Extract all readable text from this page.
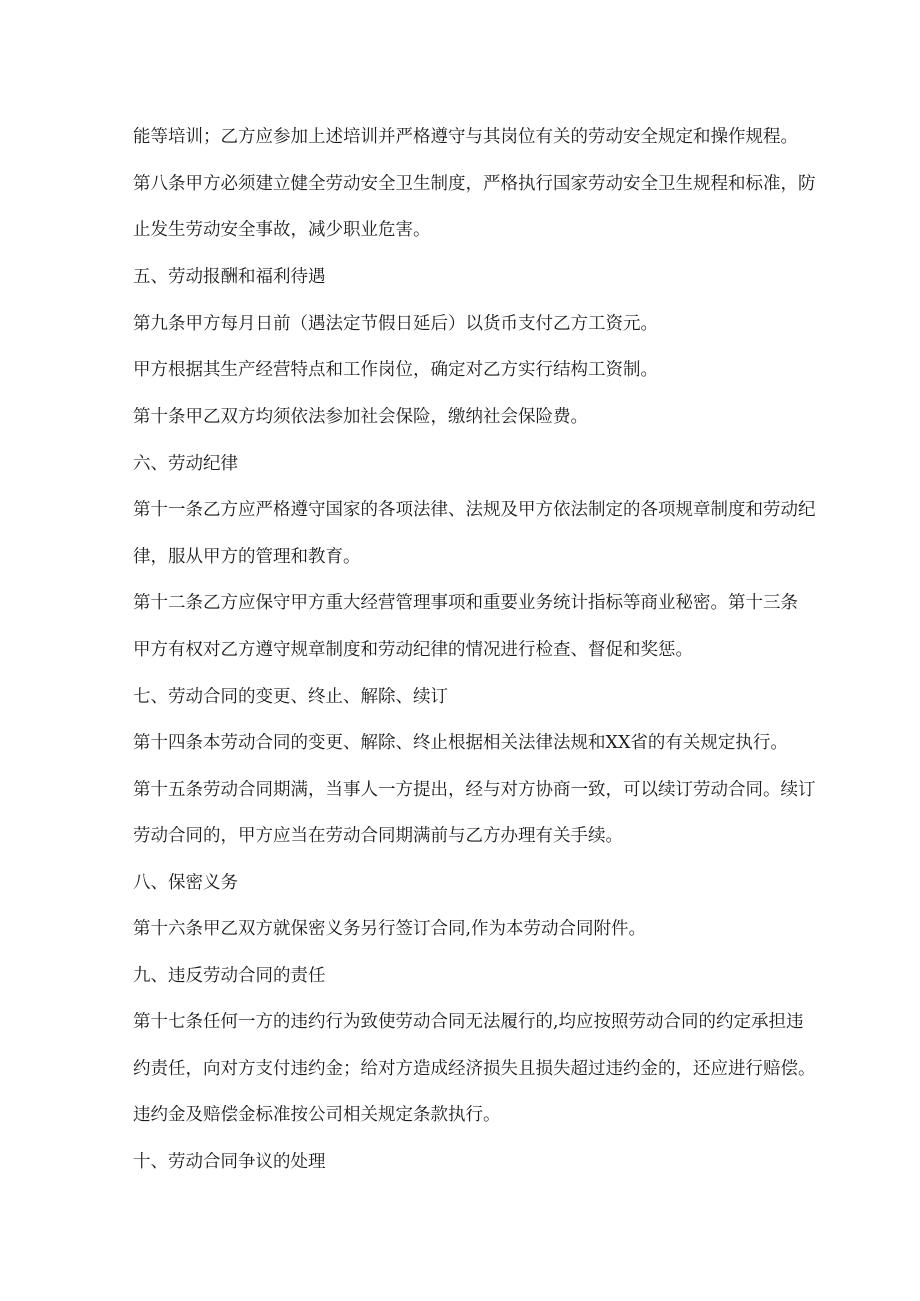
能等培训；乙方应参加上述培训并严格遵守与其岗位有关的劳动安全规定和操作规程。

第八条甲方必须建立健全劳动安全卫生制度，严格执行国家劳动安全卫生规程和标准，防

止发生劳动安全事故，减少职业危害。

五、劳动报酬和福利待遇

第九条甲方每月日前（遇法定节假日延后）以货币支付乙方工资元。

甲方根据其生产经营特点和工作岗位，确定对乙方实行结构工资制。

第十条甲乙双方均须依法参加社会保险，缴纳社会保险费。

六、劳动纪律

第十一条乙方应严格遵守国家的各项法律、法规及甲方依法制定的各项规章制度和劳动纪

律，服从甲方的管理和教育。

第十二条乙方应保守甲方重大经营管理事项和重要业务统计指标等商业秘密。第十三条

甲方有权对乙方遵守规章制度和劳动纪律的情况进行检查、督促和奖惩。

七、劳动合同的变更、终止、解除、续订

第十四条本劳动合同的变更、解除、终止根据相关法律法规和XX省的有关规定执行。

第十五条劳动合同期满，当事人一方提出，经与对方协商一致，可以续订劳动合同。续订

劳动合同的，甲方应当在劳动合同期满前与乙方办理有关手续。

八、保密义务

第十六条甲乙双方就保密义务另行签订合同,作为本劳动合同附件。

九、违反劳动合同的责任

第十七条任何一方的违约行为致使劳动合同无法履行的,均应按照劳动合同的约定承担违

约责任，向对方支付违约金；给对方造成经济损失且损失超过违约金的，还应进行赔偿。

违约金及赔偿金标准按公司相关规定条款执行。

十、劳动合同争议的处理
